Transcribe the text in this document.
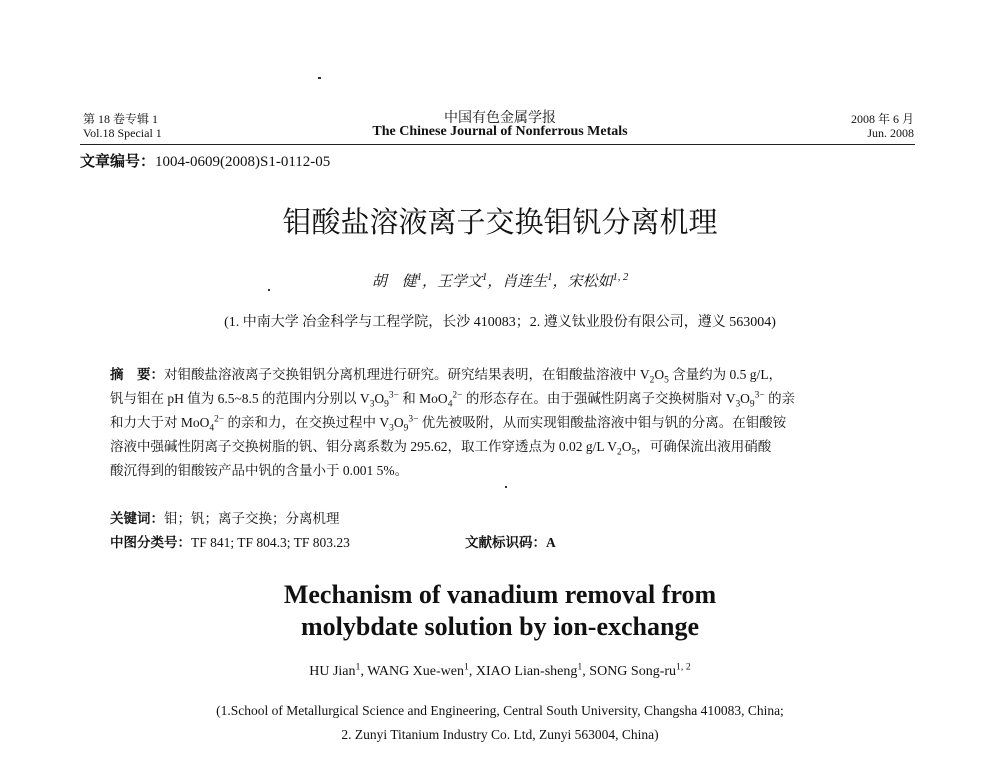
第 18 卷专辑 1
Vol.18 Special 1
中国有色金属学报
The Chinese Journal of Nonferrous Metals
2008 年 6 月
Jun. 2008
文章编号：1004-0609(2008)S1-0112-05
钼酸盐溶液离子交换钼钒分离机理
胡　健$^1$，王学文$^1$，肖连生$^1$，宋松如$^{1, 2}$
(1. 中南大学 冶金科学与工程学院，长沙 410083；2. 遵义钛业股份有限公司，遵义 563004)
摘　要：对钼酸盐溶液离子交换钼钒分离机理进行研究。研究结果表明，在钼酸盐溶液中 $V_2O_5$ 含量约为 0.5 g/L，
钒与钼在 pH 值为 6.5~8.5 的范围内分别以 $V_3O_9^{3-}$ 和 MoO$_4^{2-}$ 的形态存在。由于强碱性阴离子交换树脂对 $V_3O_9^{3-}$ 的亲
和力大于对 MoO$_4^{2-}$ 的亲和力，在交换过程中 $V_3O_9^{3-}$ 优先被吸附，从而实现钼酸盐溶液中钼与钒的分离。在钼酸铵
溶液中强碱性阴离子交换树脂的钒、钼分离系数为 295.62，取工作穿透点为 0.02 g/L $V_2O_5$，可确保流出液用硝酸
酸沉得到的钼酸铵产品中钒的含量小于 0.001 5%。
关键词：钼；钒；离子交换；分离机理
中图分类号：TF 841; TF 804.3; TF 803.23	文献标识码：A
Mechanism of vanadium removal from
molybdate solution by ion-exchange
HU Jian$^1$, WANG Xue-wen$^1$, XIAO Lian-sheng$^1$, SONG Song-ru$^{1, 2}$
(1.School of Metallurgical Science and Engineering, Central South University, Changsha 410083, China;
2. Zunyi Titanium Industry Co. Ltd, Zunyi 563004, China)
